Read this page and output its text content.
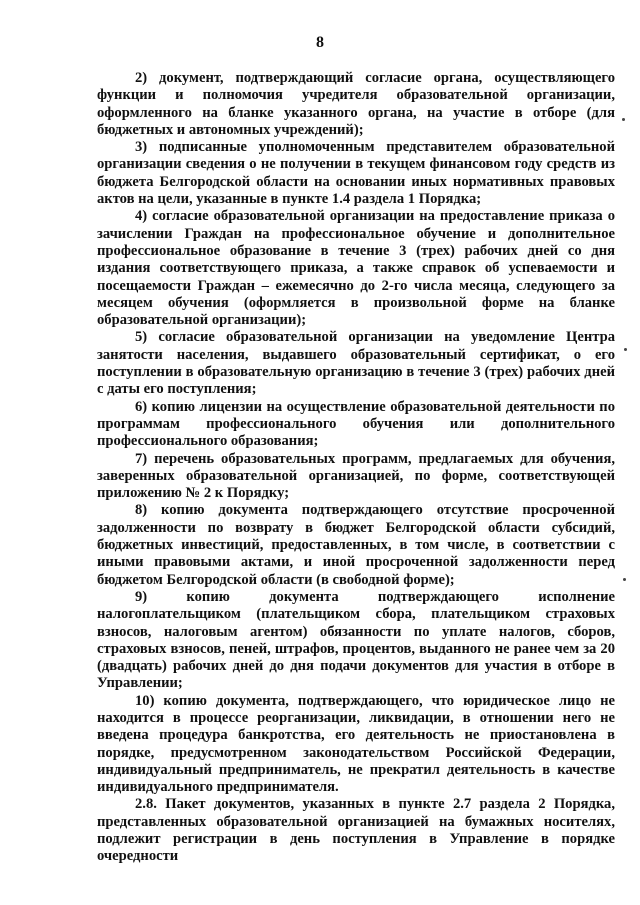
8

2) документ, подтверждающий согласие органа, осуществляющего функции и полномочия учредителя образовательной организации, оформленного на бланке указанного органа, на участие в отборе (для бюджетных и автономных учреждений);

3) подписанные уполномоченным представителем образовательной организации сведения о не получении в текущем финансовом году средств из бюджета Белгородской области на основании иных нормативных правовых актов на цели, указанные в пункте 1.4 раздела 1 Порядка;

4) согласие образовательной организации на предоставление приказа о зачислении Граждан на профессиональное обучение и дополнительное профессиональное образование в течение 3 (трех) рабочих дней со дня издания соответствующего приказа, а также справок об успеваемости и посещаемости Граждан – ежемесячно до 2-го числа месяца, следующего за месяцем обучения (оформляется в произвольной форме на бланке образовательной организации);

5) согласие образовательной организации на уведомление Центра занятости населения, выдавшего образовательный сертификат, о его поступлении в образовательную организацию в течение 3 (трех) рабочих дней с даты его поступления;

6) копию лицензии на осуществление образовательной деятельности по программам профессионального обучения или дополнительного профессионального образования;

7) перечень образовательных программ, предлагаемых для обучения, заверенных образовательной организацией, по форме, соответствующей приложению № 2 к Порядку;

8) копию документа подтверждающего отсутствие просроченной задолженности по возврату в бюджет Белгородской области субсидий, бюджетных инвестиций, предоставленных, в том числе, в соответствии с иными правовыми актами, и иной просроченной задолженности перед бюджетом Белгородской области (в свободной форме);

9) копию документа подтверждающего исполнение налогоплательщиком (плательщиком сбора, плательщиком страховых взносов, налоговым агентом) обязанности по уплате налогов, сборов, страховых взносов, пеней, штрафов, процентов, выданного не ранее чем за 20 (двадцать) рабочих дней до дня подачи документов для участия в отборе в Управлении;

10) копию документа, подтверждающего, что юридическое лицо не находится в процессе реорганизации, ликвидации, в отношении него не введена процедура банкротства, его деятельность не приостановлена в порядке, предусмотренном законодательством Российской Федерации, индивидуальный предприниматель, не прекратил деятельность в качестве индивидуального предпринимателя.

2.8. Пакет документов, указанных в пункте 2.7 раздела 2 Порядка, представленных образовательной организацией на бумажных носителях, подлежит регистрации в день поступления в Управление в порядке очередности
